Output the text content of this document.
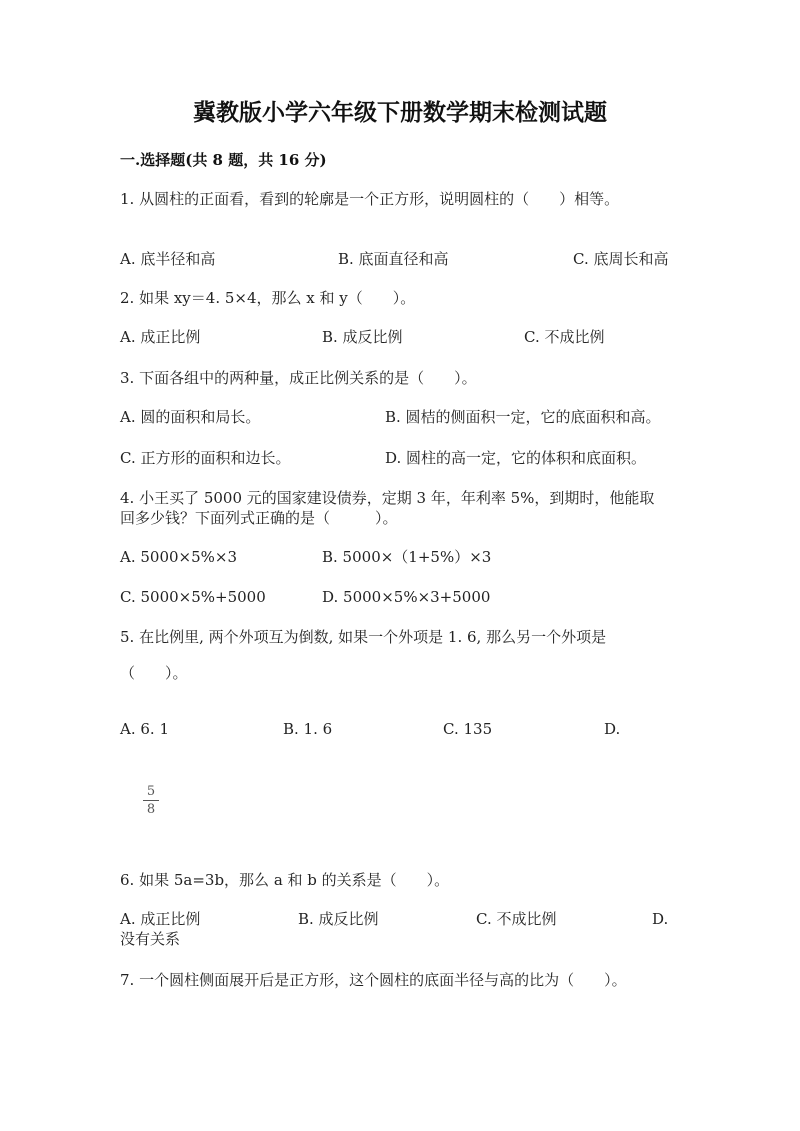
冀教版小学六年级下册数学期末检测试题
一.选择题(共 8 题，共 16 分)
1. 从圆柱的正面看，看到的轮廓是一个正方形，说明圆柱的（　　）相等。
A. 底半径和高	B. 底面直径和高	C. 底周长和高
2. 如果 xy＝4. 5×4，那么 x 和 y（　　）。
A. 成正比例	B. 成反比例	C. 不成比例
3. 下面各组中的两种量，成正比例关系的是（　　）。
A. 圆的面积和局长。	B. 圆桔的侧面积一定，它的底面积和高。
C. 正方形的面积和边长。	D. 圆柱的高一定，它的体积和底面积。
4. 小王买了 5000 元的国家建设债券，定期 3 年，年利率 5%，到期时，他能取
回多少钱？下面列式正确的是（　　　）。
A. 5000×5%×3	B. 5000×（1+5%）×3
C. 5000×5%+5000	D. 5000×5%×3+5000
5. 在比例里, 两个外项互为倒数, 如果一个外项是 1. 6, 那么另一个外项是
（　　）。
A. 6. 1	B. 1. 6	C. 135	D.
5
8
6. 如果 5a=3b，那么 a 和 b 的关系是（　　）。
A. 成正比例	B. 成反比例	C. 不成比例	D.
没有关系
7. 一个圆柱侧面展开后是正方形，这个圆柱的底面半径与高的比为（　　）。
